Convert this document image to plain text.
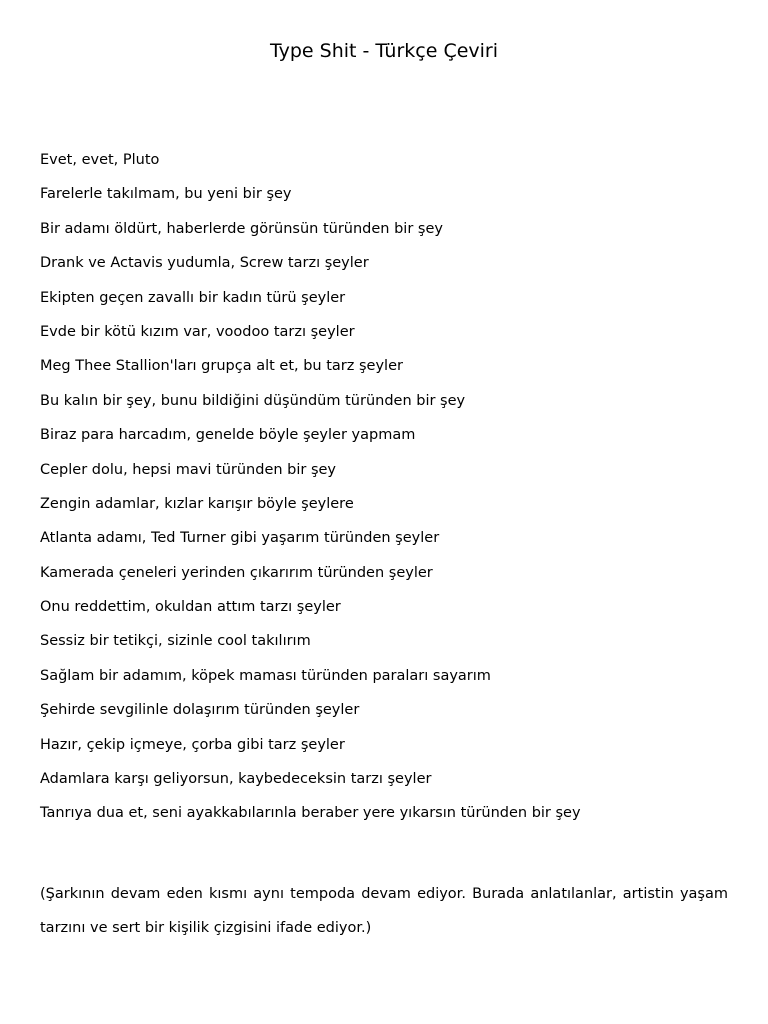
Type Shit - Türkçe Çeviri
Evet, evet, Pluto
Farelerle takılmam, bu yeni bir şey
Bir adamı öldürt, haberlerde görünsün türünden bir şey
Drank ve Actavis yudumla, Screw tarzı şeyler
Ekipten geçen zavallı bir kadın türü şeyler
Evde bir kötü kızım var, voodoo tarzı şeyler
Meg Thee Stallion'ları grupça alt et, bu tarz şeyler
Bu kalın bir şey, bunu bildiğini düşündüm türünden bir şey
Biraz para harcadım, genelde böyle şeyler yapmam
Cepler dolu, hepsi mavi türünden bir şey
Zengin adamlar, kızlar karışır böyle şeylere
Atlanta adamı, Ted Turner gibi yaşarım türünden şeyler
Kamerada çeneleri yerinden çıkarırım türünden şeyler
Onu reddettim, okuldan attım tarzı şeyler
Sessiz bir tetikçi, sizinle cool takılırım
Sağlam bir adamım, köpek maması türünden paraları sayarım
Şehirde sevgilinle dolaşırım türünden şeyler
Hazır, çekip içmeye, çorba gibi tarz şeyler
Adamlara karşı geliyorsun, kaybedeceksin tarzı şeyler
Tanrıya dua et, seni ayakkabılarınla beraber yere yıkarsın türünden bir şey

(Şarkının devam eden kısmı aynı tempoda devam ediyor. Burada anlatılanlar, artistin yaşam tarzını ve sert bir kişilik çizgisini ifade ediyor.)
